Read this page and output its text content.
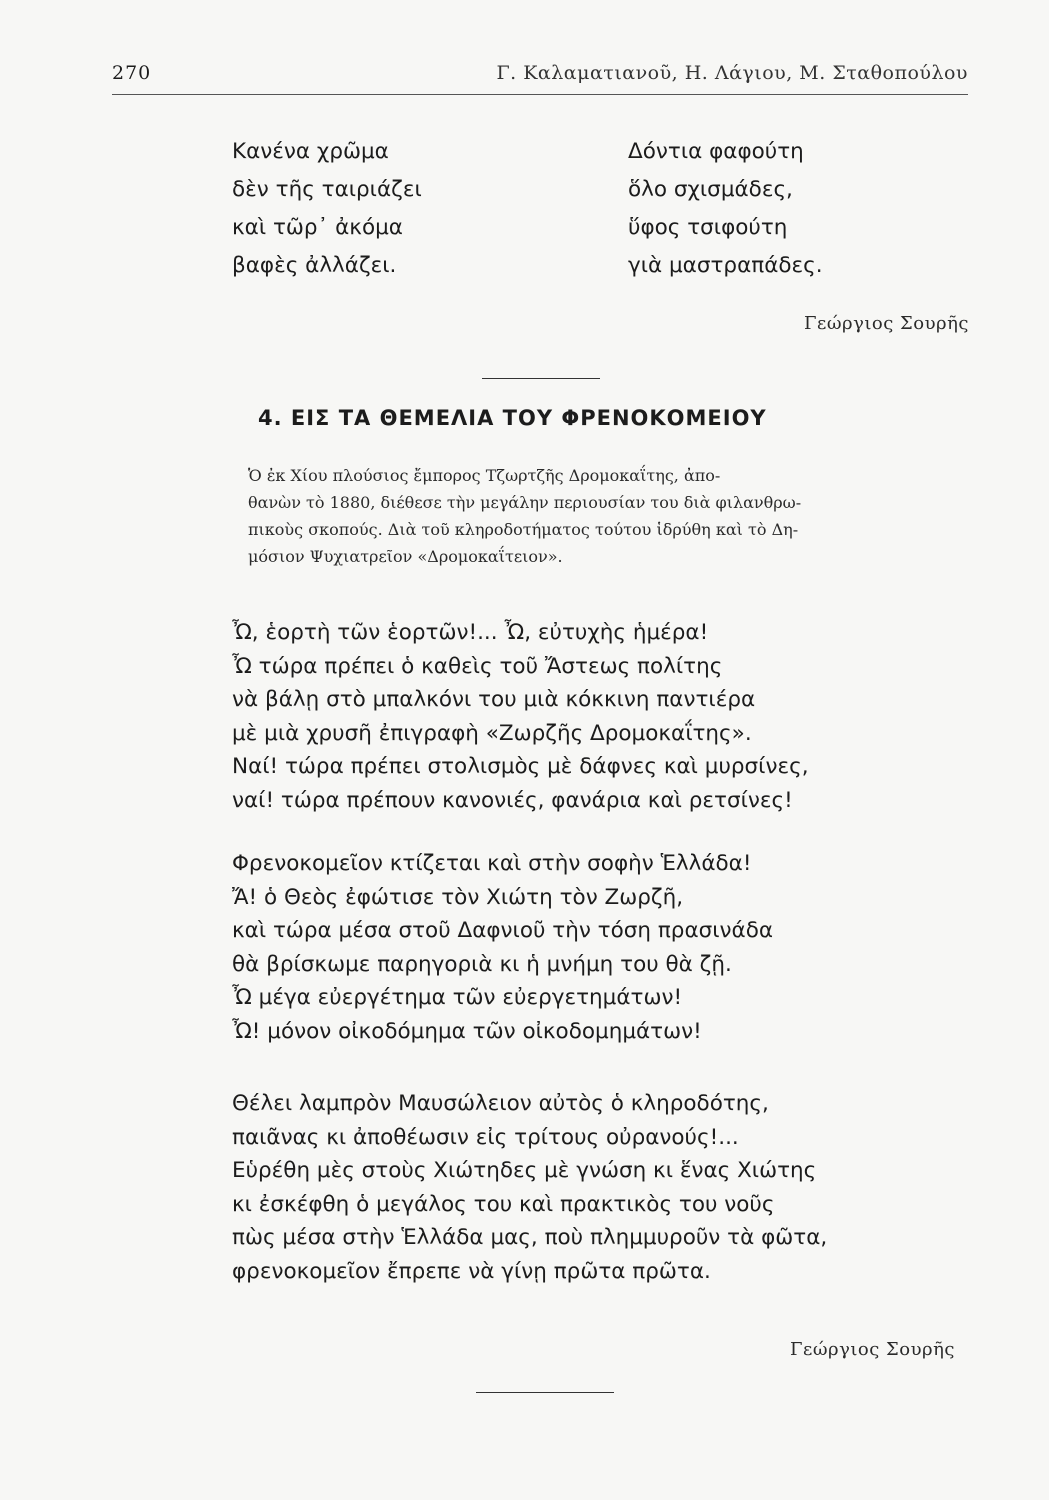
270	Γ. Καλαματιανοῦ, Η. Λάγιου, Μ. Σταθοπούλου
Κανένα χρῶμα
δὲν τῆς ταιριάζει
καὶ τῶρ᾽ ἀκόμα
βαφὲς ἀλλάζει.
Δόντια φαφούτη
ὅλο σχισμάδες,
ὕφος τσιφούτη
γιὰ μαστραπάδες.
Γεώργιος Σουρῆς
4. ΕΙΣ ΤΑ ΘΕΜΕΛΙΑ ΤΟΥ ΦΡΕΝΟΚΟΜΕΙΟΥ
Ὁ ἐκ Χίου πλούσιος ἔμπορος Τζωρτζῆς Δρομοκαΐτης, ἀπο-
θανὼν τὸ 1880, διέθεσε τὴν μεγάλην περιουσίαν του διὰ φιλανθρω-
πικοὺς σκοπούς. Διὰ τοῦ κληροδοτήματος τούτου ἱδρύθη καὶ τὸ Δη-
μόσιον Ψυχιατρεῖον «Δρομοκαΐτειον».
Ὦ, ἑορτὴ τῶν ἑορτῶν!... Ὦ, εὐτυχὴς ἡμέρα!
Ὦ τώρα πρέπει ὁ καθεὶς τοῦ Ἄστεως πολίτης
νὰ βάλῃ στὸ μπαλκόνι του μιὰ κόκκινη παντιέρα
μὲ μιὰ χρυσῆ ἐπιγραφὴ «Ζωρζῆς Δρομοκαΐτης».
Ναί! τώρα πρέπει στολισμὸς μὲ δάφνες καὶ μυρσίνες,
ναί! τώρα πρέπουν κανονιές, φανάρια καὶ ρετσίνες!
Φρενοκομεῖον κτίζεται καὶ στὴν σοφὴν Ἑλλάδα!
Ἄ! ὁ Θεὸς ἐφώτισε τὸν Χιώτη τὸν Ζωρζῆ,
καὶ τώρα μέσα στοῦ Δαφνιοῦ τὴν τόση πρασινάδα
θὰ βρίσκωμε παρηγοριὰ κι ἡ μνήμη του θὰ ζῇ.
Ὦ μέγα εὐεργέτημα τῶν εὐεργετημάτων!
Ὦ! μόνον οἰκοδόμημα τῶν οἰκοδομημάτων!
Θέλει λαμπρὸν Μαυσώλειον αὐτὸς ὁ κληροδότης,
παιᾶνας κι ἀποθέωσιν εἰς τρίτους οὐρανούς!...
Εὑρέθη μὲς στοὺς Χιώτηδες μὲ γνώση κι ἕνας Χιώτης
κι ἐσκέφθη ὁ μεγάλος του καὶ πρακτικὸς του νοῦς
πὼς μέσα στὴν Ἑλλάδα μας, ποὺ πλημμυροῦν τὰ φῶτα,
φρενοκομεῖον ἔπρεπε νὰ γίνῃ πρῶτα πρῶτα.
Γεώργιος Σουρῆς
